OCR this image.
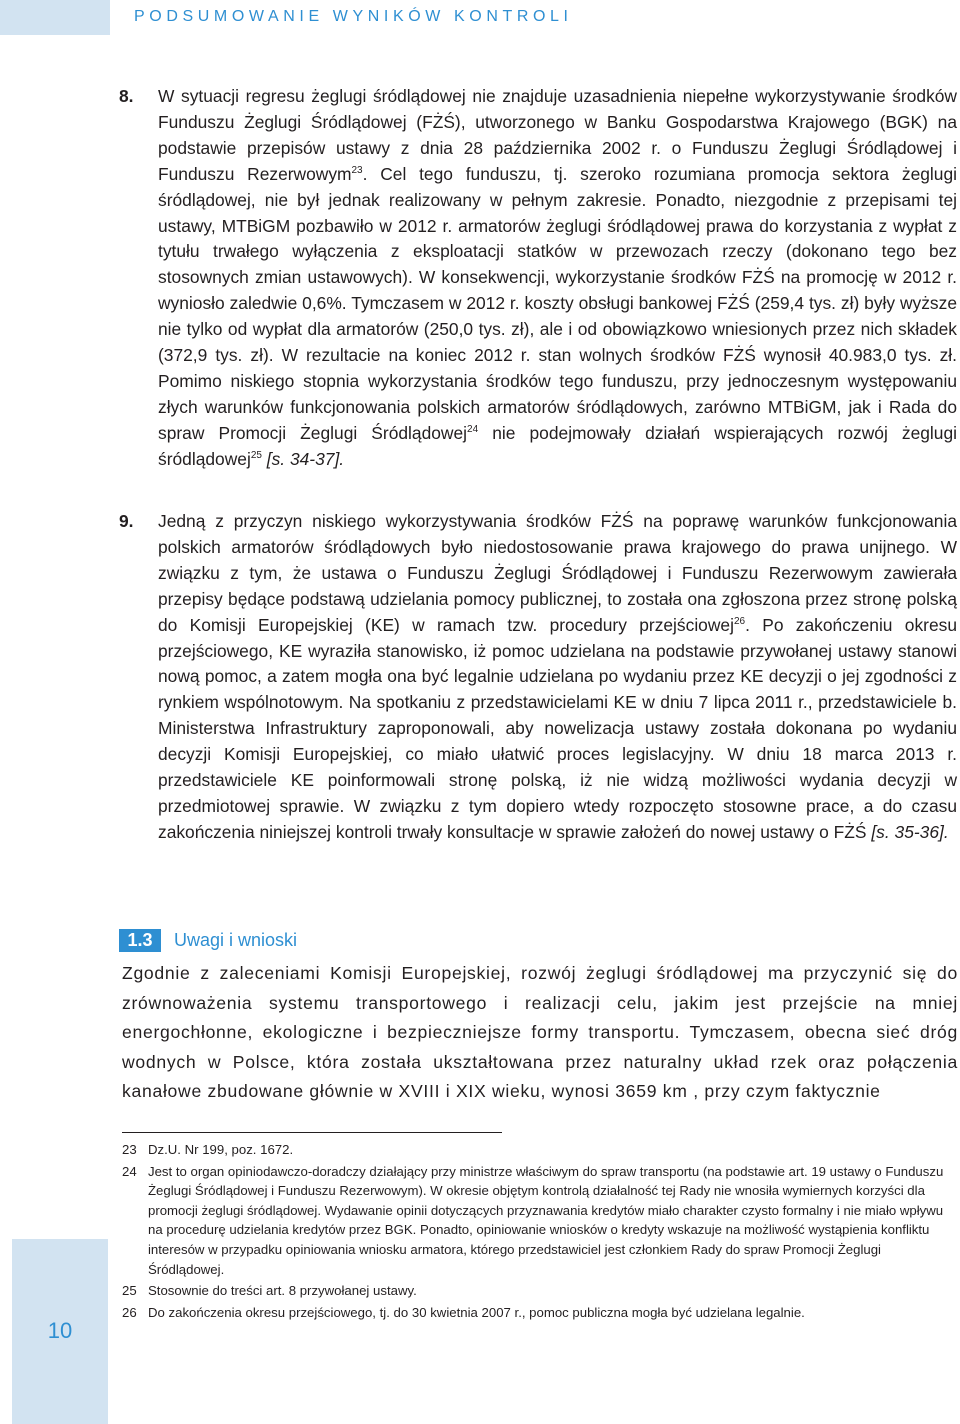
PODSUMOWANIE WYNIKÓW KONTROLI
8. W sytuacji regresu żeglugi śródlądowej nie znajduje uzasadnienia niepełne wykorzystywanie środków Funduszu Żeglugi Śródlądowej (FŻŚ), utworzonego w Banku Gospodarstwa Krajowego (BGK) na podstawie przepisów ustawy z dnia 28 października 2002 r. o Funduszu Żeglugi Śródlądowej i Funduszu Rezerwowym$^{23}$. Cel tego funduszu, tj. szeroko rozumiana promocja sektora żeglugi śródlądowej, nie był jednak realizowany w pełnym zakresie. Ponadto, niezgodnie z przepisami tej ustawy, MTBiGM pozbawiło w 2012 r. armatorów żeglugi śródlądowej prawa do korzystania z wypłat z tytułu trwałego wyłączenia z eksploatacji statków w przewozach rzeczy (dokonano tego bez stosownych zmian ustawowych). W konsekwencji, wykorzystanie środków FŻŚ na promocję w 2012 r. wyniosło zaledwie 0,6%. Tymczasem w 2012 r. koszty obsługi bankowej FŻŚ (259,4 tys. zł) były wyższe nie tylko od wypłat dla armatorów (250,0 tys. zł), ale i od obowiązkowo wniesionych przez nich składek (372,9 tys. zł). W rezultacie na koniec 2012 r. stan wolnych środków FŻŚ wynosił 40.983,0 tys. zł. Pomimo niskiego stopnia wykorzystania środków tego funduszu, przy jednoczesnym występowaniu złych warunków funkcjonowania polskich armatorów śródlądowych, zarówno MTBiGM, jak i Rada do spraw Promocji Żeglugi Śródlądowej$^{24}$ nie podejmowały działań wspierających rozwój żeglugi śródlądowej$^{25}$ [s. 34-37].
9. Jedną z przyczyn niskiego wykorzystywania środków FŻŚ na poprawę warunków funkcjonowania polskich armatorów śródlądowych było niedostosowanie prawa krajowego do prawa unijnego. W związku z tym, że ustawa o Funduszu Żeglugi Śródlądowej i Funduszu Rezerwowym zawierała przepisy będące podstawą udzielania pomocy publicznej, to została ona zgłoszona przez stronę polską do Komisji Europejskiej (KE) w ramach tzw. procedury przejściowej$^{26}$. Po zakończeniu okresu przejściowego, KE wyraziła stanowisko, iż pomoc udzielana na podstawie przywołanej ustawy stanowi nową pomoc, a zatem mogła ona być legalnie udzielana po wydaniu przez KE decyzji o jej zgodności z rynkiem wspólnotowym. Na spotkaniu z przedstawicielami KE w dniu 7 lipca 2011 r., przedstawiciele b. Ministerstwa Infrastruktury zaproponowali, aby nowelizacja ustawy została dokonana po wydaniu decyzji Komisji Europejskiej, co miało ułatwić proces legislacyjny. W dniu 18 marca 2013 r. przedstawiciele KE poinformowali stronę polską, iż nie widzą możliwości wydania decyzji w przedmiotowej sprawie. W związku z tym dopiero wtedy rozpoczęto stosowne prace, a do czasu zakończenia niniejszej kontroli trwały konsultacje w sprawie założeń do nowej ustawy o FŻŚ [s. 35-36].
1.3	Uwagi i wnioski
Zgodnie z zaleceniami Komisji Europejskiej, rozwój żeglugi śródlądowej ma przyczynić się do zrównoważenia systemu transportowego i realizacji celu, jakim jest przejście na mniej energochłonne, ekologiczne i bezpieczniejsze formy transportu. Tymczasem, obecna sieć dróg wodnych w Polsce, która została ukształtowana przez naturalny układ rzek oraz połączenia kanałowe zbudowane głównie w XVIII i XIX wieku, wynosi 3659 km , przy czym faktycznie
23 Dz.U. Nr 199, poz. 1672.
24 Jest to organ opiniodawczo-doradczy działający przy ministrze właściwym do spraw transportu (na podstawie art. 19 ustawy o Funduszu Żeglugi Śródlądowej i Funduszu Rezerwowym). W okresie objętym kontrolą działalność tej Rady nie wnosiła wymiernych korzyści dla promocji żeglugi śródlądowej. Wydawanie opinii dotyczących przyznawania kredytów miało charakter czysto formalny i nie miało wpływu na procedurę udzielania kredytów przez BGK. Ponadto, opiniowanie wniosków o kredyty wskazuje na możliwość wystąpienia konfliktu interesów w przypadku opiniowania wniosku armatora, którego przedstawiciel jest członkiem Rady do spraw Promocji Żeglugi Śródlądowej.
25 Stosownie do treści art. 8 przywołanej ustawy.
26 Do zakończenia okresu przejściowego, tj. do 30 kwietnia 2007 r., pomoc publiczna mogła być udzielana legalnie.
10
